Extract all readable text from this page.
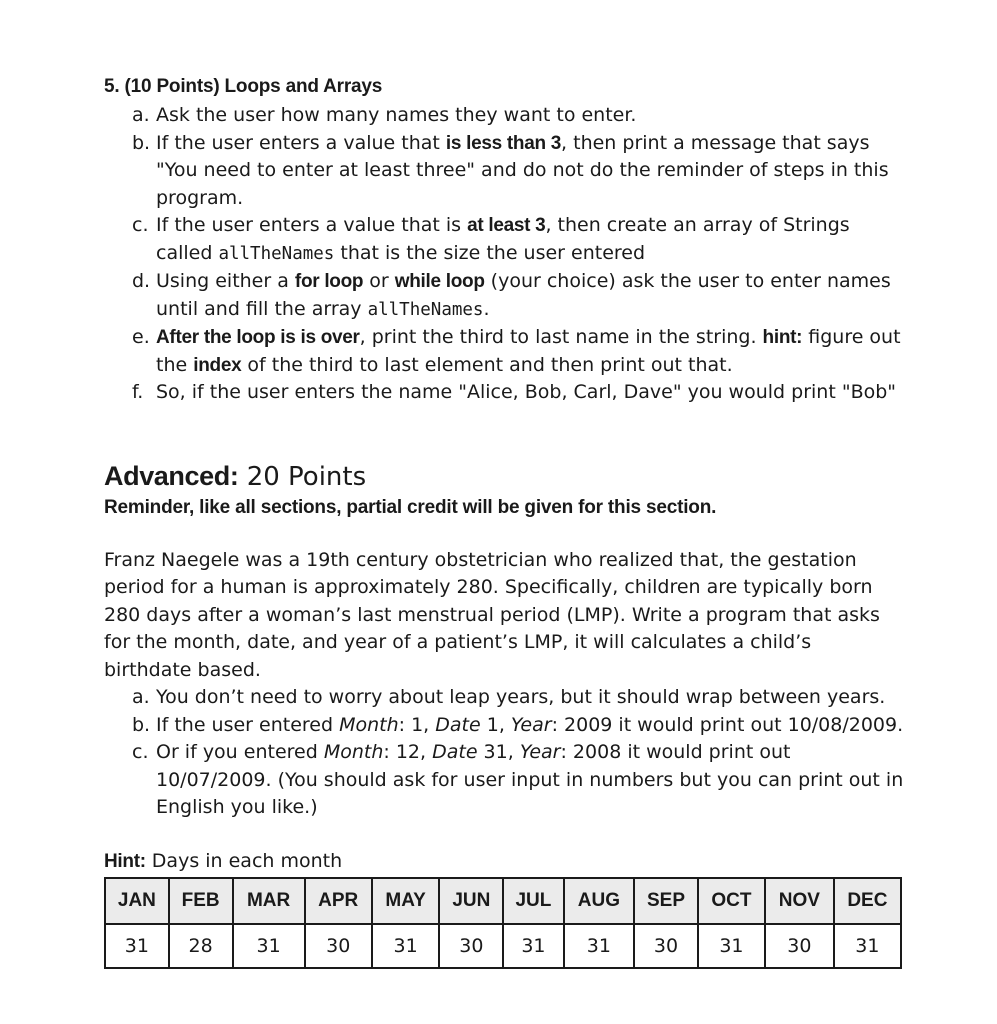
5. (10 Points) Loops and Arrays
a. Ask the user how many names they want to enter.
b. If the user enters a value that is less than 3, then print a message that says "You need to enter at least three" and do not do the reminder of steps in this program.
c. If the user enters a value that is at least 3, then create an array of Strings called allTheNames that is the size the user entered
d. Using either a for loop or while loop (your choice) ask the user to enter names until and fill the array allTheNames.
e. After the loop is is over, print the third to last name in the string. hint: figure out the index of the third to last element and then print out that.
f. So, if the user enters the name "Alice, Bob, Carl, Dave" you would print "Bob"
Advanced: 20 Points
Reminder, like all sections, partial credit will be given for this section.
Franz Naegele was a 19th century obstetrician who realized that, the gestation period for a human is approximately 280. Specifically, children are typically born 280 days after a woman’s last menstrual period (LMP). Write a program that asks for the month, date, and year of a patient’s LMP, it will calculates a child’s birthdate based.
a. You don’t need to worry about leap years, but it should wrap between years.
b. If the user entered Month: 1, Date 1, Year: 2009 it would print out 10/08/2009.
c. Or if you entered Month: 12, Date 31, Year: 2008 it would print out 10/07/2009. (You should ask for user input in numbers but you can print out in English you like.)
Hint: Days in each month
JAN	FEB	MAR	APR	MAY	JUN	JUL	AUG	SEP	OCT	NOV	DEC
31	28	31	30	31	30	31	31	30	31	30	31
